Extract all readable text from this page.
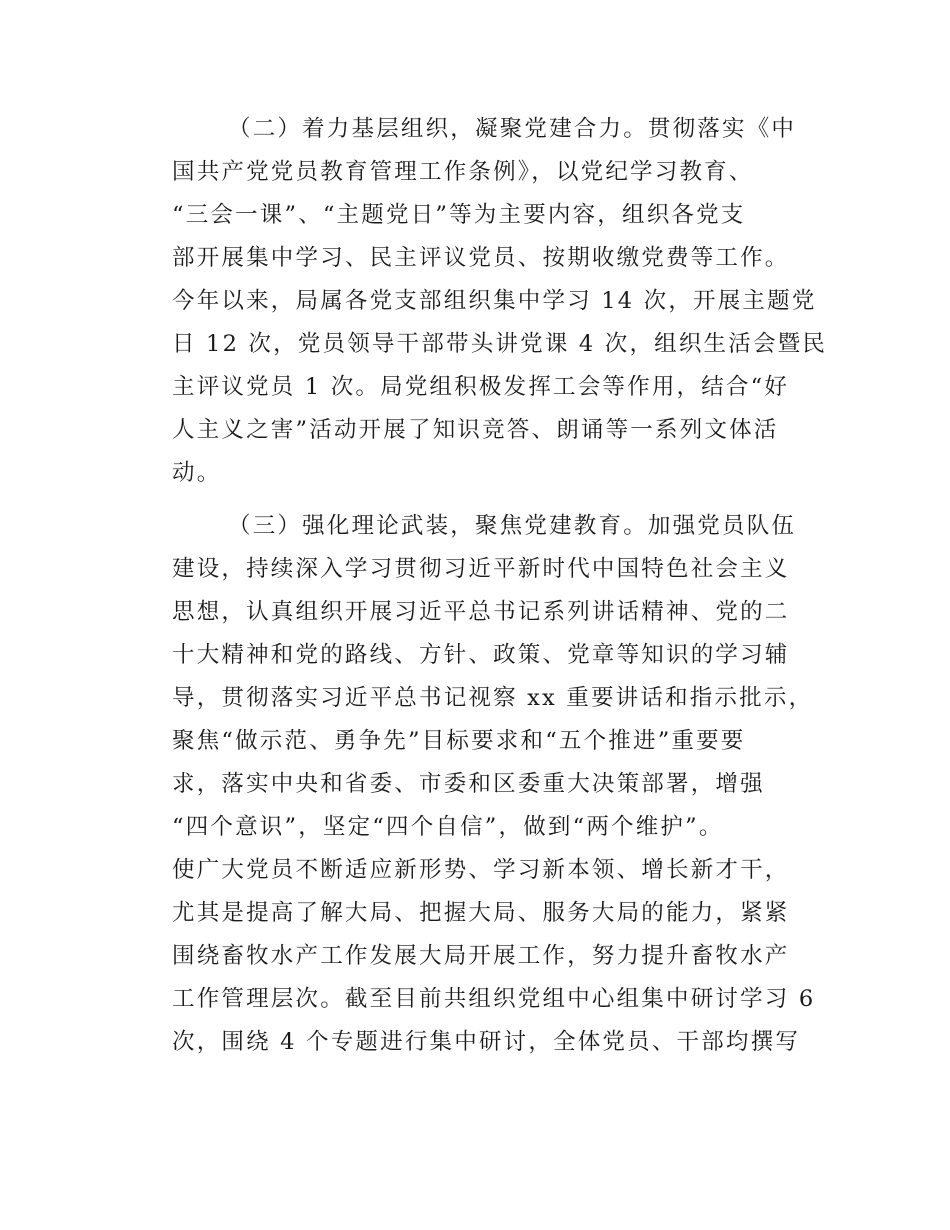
（二）着力基层组织，凝聚党建合力。贯彻落实《中
国共产党党员教育管理工作条例》，以党纪学习教育、
“三会一课”、“主题党日”等为主要内容，组织各党支
部开展集中学习、民主评议党员、按期收缴党费等工作。
今年以来，局属各党支部组织集中学习 14 次，开展主题党
日 12 次，党员领导干部带头讲党课 4 次，组织生活会暨民
主评议党员 1 次。局党组积极发挥工会等作用，结合“好
人主义之害”活动开展了知识竞答、朗诵等一系列文体活
动。
（三）强化理论武装，聚焦党建教育。加强党员队伍
建设，持续深入学习贯彻习近平新时代中国特色社会主义
思想，认真组织开展习近平总书记系列讲话精神、党的二
十大精神和党的路线、方针、政策、党章等知识的学习辅
导，贯彻落实习近平总书记视察 xx 重要讲话和指示批示，
聚焦“做示范、勇争先”目标要求和“五个推进”重要要
求，落实中央和省委、市委和区委重大决策部署，增强
“四个意识”，坚定“四个自信”，做到“两个维护”。
使广大党员不断适应新形势、学习新本领、增长新才干，
尤其是提高了解大局、把握大局、服务大局的能力，紧紧
围绕畜牧水产工作发展大局开展工作，努力提升畜牧水产
工作管理层次。截至目前共组织党组中心组集中研讨学习 6
次，围绕 4 个专题进行集中研讨，全体党员、干部均撰写
